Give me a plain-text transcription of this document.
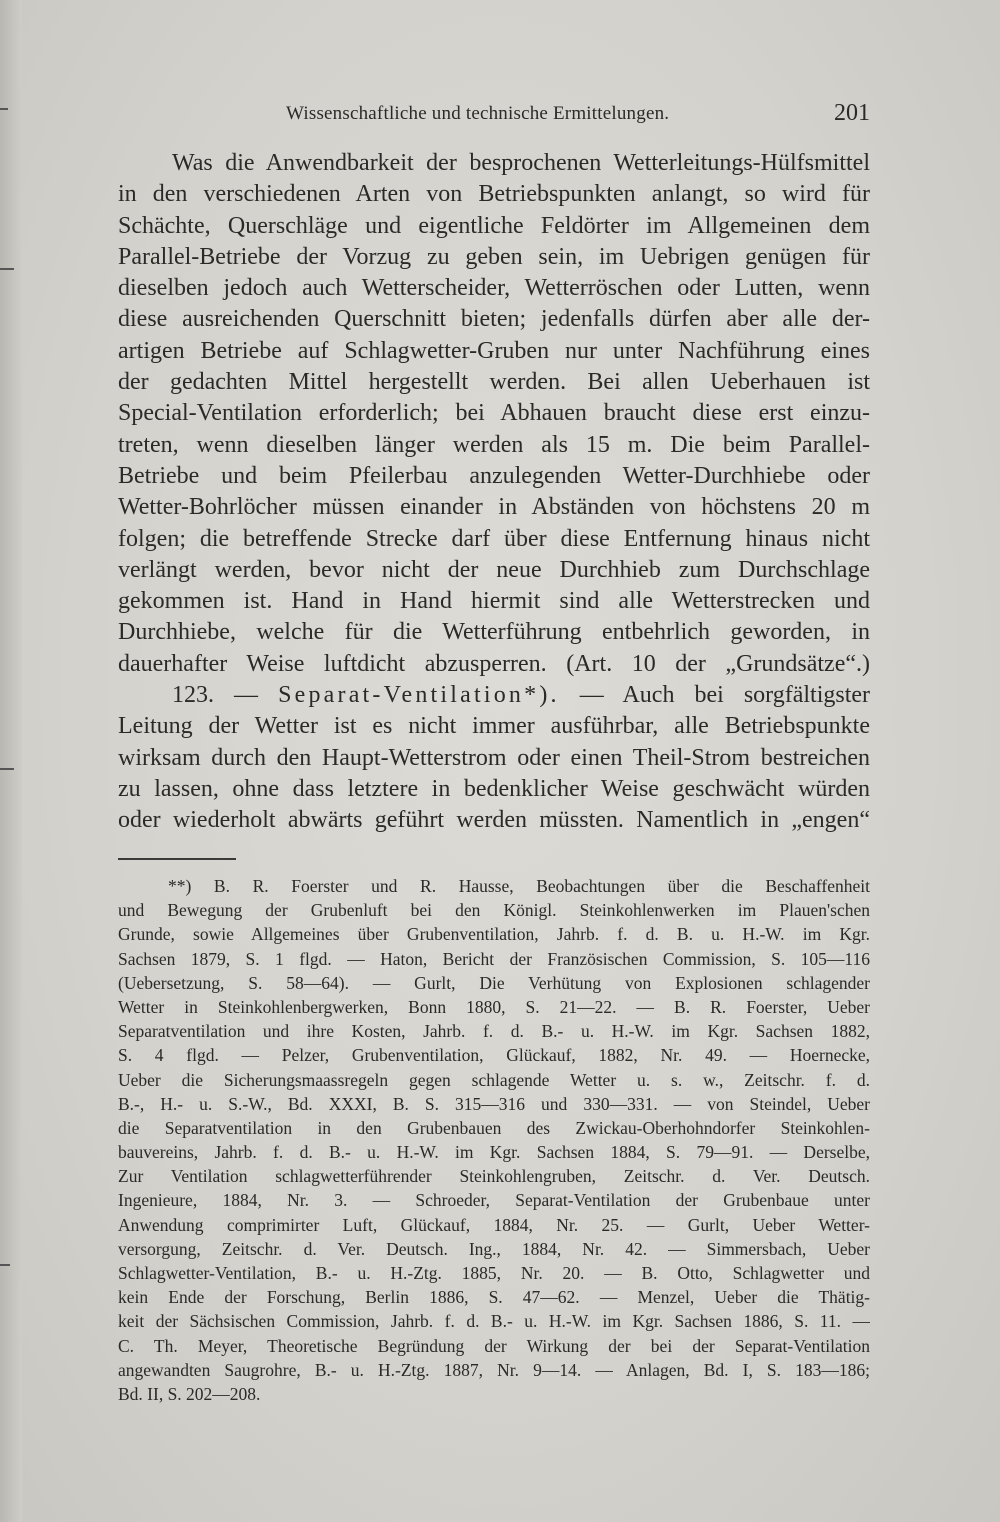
Wissenschaftliche und technische Ermittelungen.	201
Was die Anwendbarkeit der besprochenen Wetterleitungs-Hülfsmittel
in den verschiedenen Arten von Betriebspunkten anlangt, so wird für
Schächte, Querschläge und eigentliche Feldörter im Allgemeinen dem
Parallel-Betriebe der Vorzug zu geben sein, im Uebrigen genügen für
dieselben jedoch auch Wetterscheider, Wetterröschen oder Lutten, wenn
diese ausreichenden Querschnitt bieten; jedenfalls dürfen aber alle der-
artigen Betriebe auf Schlagwetter-Gruben nur unter Nachführung eines
der gedachten Mittel hergestellt werden. Bei allen Ueberhauen ist
Special-Ventilation erforderlich; bei Abhauen braucht diese erst einzu-
treten, wenn dieselben länger werden als 15 m. Die beim Parallel-
Betriebe und beim Pfeilerbau anzulegenden Wetter-Durchhiebe oder
Wetter-Bohrlöcher müssen einander in Abständen von höchstens 20 m
folgen; die betreffende Strecke darf über diese Entfernung hinaus nicht
verlängt werden, bevor nicht der neue Durchhieb zum Durchschlage
gekommen ist. Hand in Hand hiermit sind alle Wetterstrecken und
Durchhiebe, welche für die Wetterführung entbehrlich geworden, in
dauerhafter Weise luftdicht abzusperren. (Art. 10 der „Grundsätze“.)
123. — Separat-Ventilation*). — Auch bei sorgfältigster
Leitung der Wetter ist es nicht immer ausführbar, alle Betriebspunkte
wirksam durch den Haupt-Wetterstrom oder einen Theil-Strom bestreichen
zu lassen, ohne dass letztere in bedenklicher Weise geschwächt würden
oder wiederholt abwärts geführt werden müssten. Namentlich in „engen“
**) B. R. Foerster und R. Hausse, Beobachtungen über die Beschaffenheit
und Bewegung der Grubenluft bei den Königl. Steinkohlenwerken im Plauen'schen
Grunde, sowie Allgemeines über Grubenventilation, Jahrb. f. d. B. u. H.-W. im Kgr.
Sachsen 1879, S. 1 flgd. — Haton, Bericht der Französischen Commission, S. 105—116
(Uebersetzung, S. 58—64). — Gurlt, Die Verhütung von Explosionen schlagender
Wetter in Steinkohlenbergwerken, Bonn 1880, S. 21—22. — B. R. Foerster, Ueber
Separatventilation und ihre Kosten, Jahrb. f. d. B.- u. H.-W. im Kgr. Sachsen 1882,
S. 4 flgd. — Pelzer, Grubenventilation, Glückauf, 1882, Nr. 49. — Hoernecke,
Ueber die Sicherungsmaassregeln gegen schlagende Wetter u. s. w., Zeitschr. f. d.
B.-, H.- u. S.-W., Bd. XXXI, B. S. 315—316 und 330—331. — von Steindel, Ueber
die Separatventilation in den Grubenbauen des Zwickau-Oberhohndorfer Steinkohlen-
bauvereins, Jahrb. f. d. B.- u. H.-W. im Kgr. Sachsen 1884, S. 79—91. — Derselbe,
Zur Ventilation schlagwetterführender Steinkohlengruben, Zeitschr. d. Ver. Deutsch.
Ingenieure, 1884, Nr. 3. — Schroeder, Separat-Ventilation der Grubenbaue unter
Anwendung comprimirter Luft, Glückauf, 1884, Nr. 25. — Gurlt, Ueber Wetter-
versorgung, Zeitschr. d. Ver. Deutsch. Ing., 1884, Nr. 42. — Simmersbach, Ueber
Schlagwetter-Ventilation, B.- u. H.-Ztg. 1885, Nr. 20. — B. Otto, Schlagwetter und
kein Ende der Forschung, Berlin 1886, S. 47—62. — Menzel, Ueber die Thätig-
keit der Sächsischen Commission, Jahrb. f. d. B.- u. H.-W. im Kgr. Sachsen 1886, S. 11. —
C. Th. Meyer, Theoretische Begründung der Wirkung der bei der Separat-Ventilation
angewandten Saugrohre, B.- u. H.-Ztg. 1887, Nr. 9—14. — Anlagen, Bd. I, S. 183—186;
Bd. II, S. 202—208.
